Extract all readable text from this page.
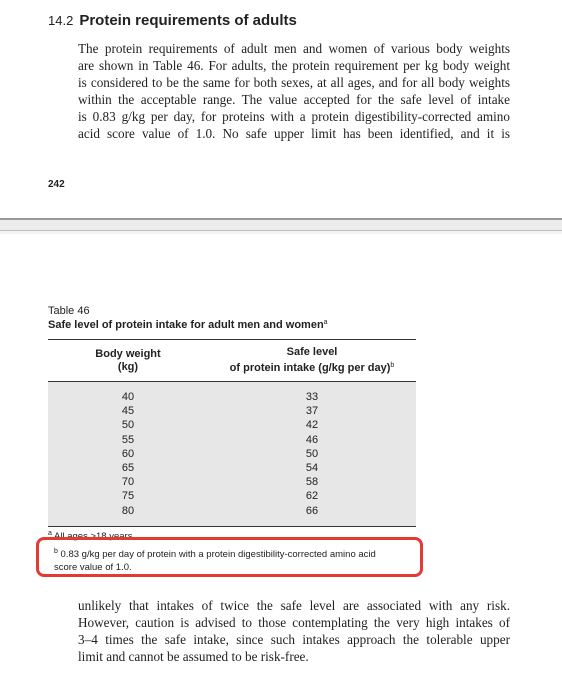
14.2 Protein requirements of adults
The protein requirements of adult men and women of various body weights
are shown in Table 46. For adults, the protein requirement per kg body weight
is considered to be the same for both sexes, at all ages, and for all body weights
within the acceptable range. The value accepted for the safe level of intake
is 0.83 g/kg per day, for proteins with a protein digestibility-corrected amino
acid score value of 1.0. No safe upper limit has been identified, and it is
242
Table 46
Safe level of protein intake for adult men and women$^a$
Body weight
(kg)	Safe level
of protein intake (g/kg per day)$^b$
40	33
45	37
50	42
55	46
60	50
65	54
70	58
75	62
80	66
$^a$
$^b$ 0.83 g/kg per day of protein with a protein digestibility-corrected amino acid
score value of 1.0.
unlikely that intakes of twice the safe level are associated with any risk.
However, caution is advised to those contemplating the very high intakes of
3–4 times the safe intake, since such intakes approach the tolerable upper
limit and cannot be assumed to be risk-free.
